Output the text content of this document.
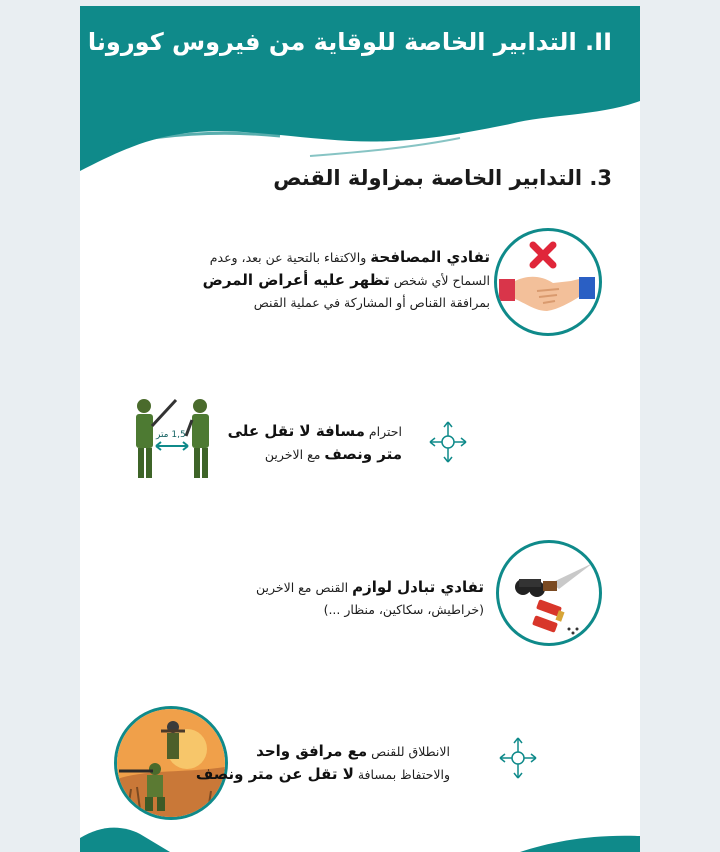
II. التدابير الخاصة للوقاية من فيروس كورونا
3. التدابير الخاصة بمزاولة القنص
تفادي المصافحة والاكتفاء بالتحية عن بعد، وعدم
السماح لأي شخص تظهر عليه أعراض المرض
بمرافقة القناص أو المشاركة في عملية القنص
1,5 متر	احترام مسافة لا تقل على
متر ونصف مع الاخرين
تفادي تبادل لوازم القنص مع الاخرين
(خراطيش، سكاكين، منظار ...)
الانطلاق للقنص مع مرافق واحد
والاحتفاظ بمسافة لا تقل عن متر ونصف
